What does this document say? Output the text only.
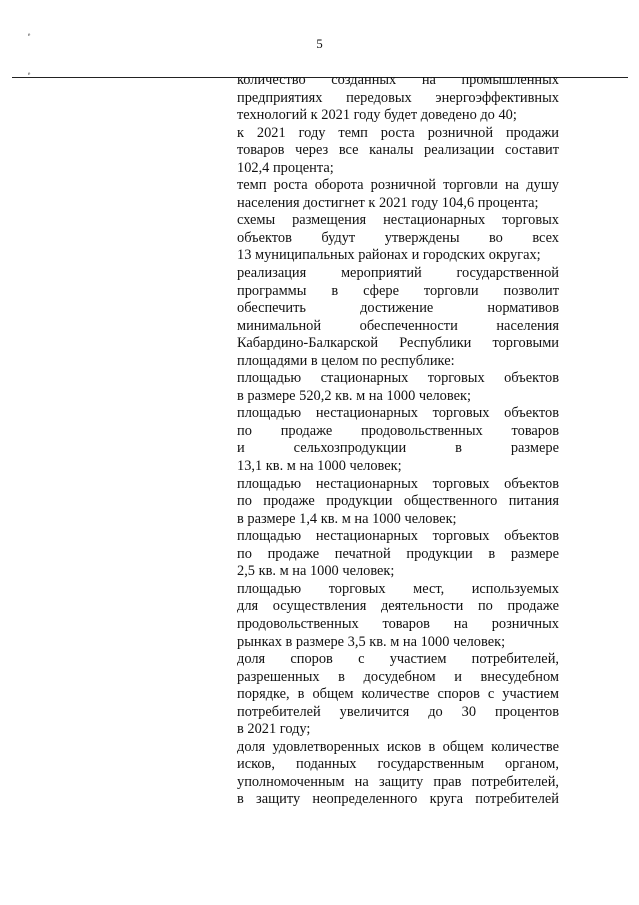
5
ₑ
ₑ
количество созданных на промышленных
предприятиях передовых энергоэффективных
технологий к 2021 году будет доведено до 40;
к 2021 году темп роста розничной продажи
товаров через все каналы реализации составит
102,4 процента;
темп роста оборота розничной торговли на душу
населения достигнет к 2021 году 104,6 процента;
схемы размещения нестационарных торговых
объектов будут утверждены во всех
13 муниципальных районах и городских округах;
реализация мероприятий государственной
программы в сфере торговли позволит
обеспечить достижение нормативов
минимальной обеспеченности населения
Кабардино-Балкарской Республики торговыми
площадями в целом по республике:
площадью стационарных торговых объектов
в размере 520,2 кв. м на 1000 человек;
площадью нестационарных торговых объектов
по продаже продовольственных товаров
и сельхозпродукции в размере
13,1 кв. м на 1000 человек;
площадью нестационарных торговых объектов
по продаже продукции общественного питания
в размере 1,4 кв. м на 1000 человек;
площадью нестационарных торговых объектов
по продаже печатной продукции в размере
2,5 кв. м на 1000 человек;
площадью торговых мест, используемых
для осуществления деятельности по продаже
продовольственных товаров на розничных
рынках в размере 3,5 кв. м на 1000 человек;
доля споров с участием потребителей,
разрешенных в досудебном и внесудебном
порядке, в общем количестве споров с участием
потребителей увеличится до 30 процентов
в 2021 году;
доля удовлетворенных исков в общем количестве
исков, поданных государственным органом,
уполномоченным на защиту прав потребителей,
в защиту неопределенного круга потребителей
